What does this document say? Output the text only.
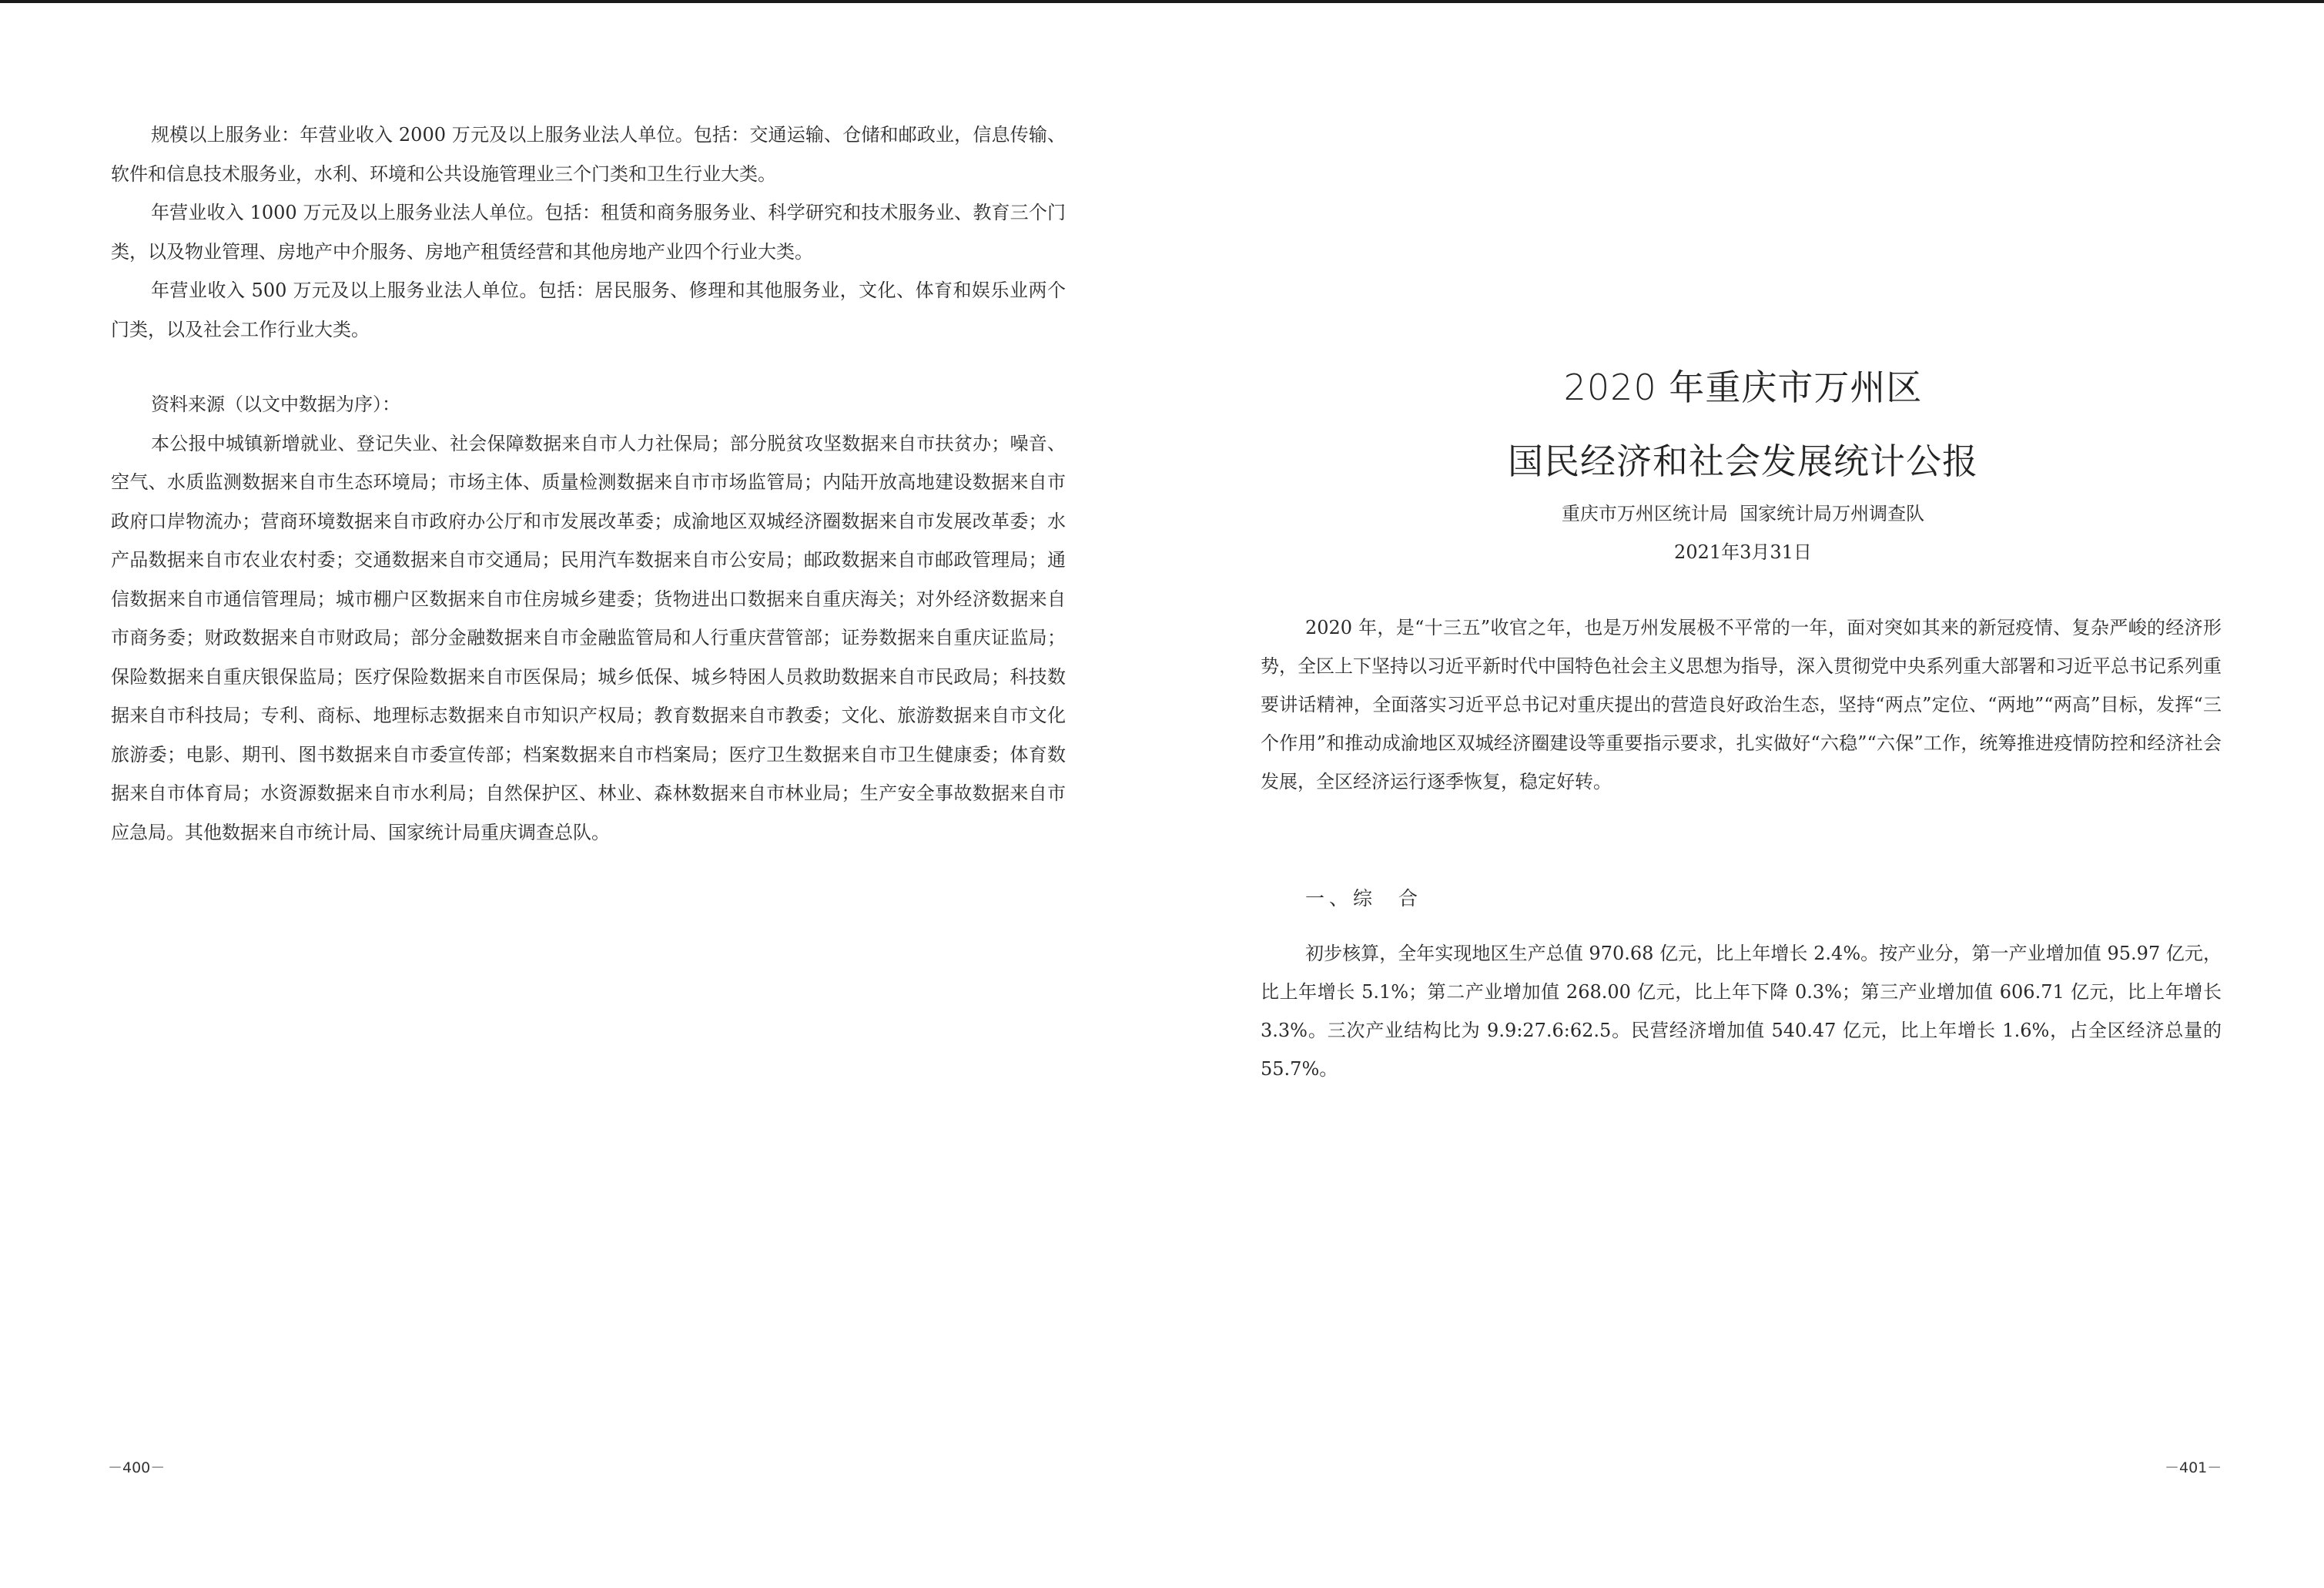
规模以上服务业：年营业收入 2000 万元及以上服务业法人单位。包括：交通运输、仓储和邮政业，信息传输、软件和信息技术服务业，水利、环境和公共设施管理业三个门类和卫生行业大类。

年营业收入 1000 万元及以上服务业法人单位。包括：租赁和商务服务业、科学研究和技术服务业、教育三个门类，以及物业管理、房地产中介服务、房地产租赁经营和其他房地产业四个行业大类。

年营业收入 500 万元及以上服务业法人单位。包括：居民服务、修理和其他服务业，文化、体育和娱乐业两个门类，以及社会工作行业大类。

资料来源（以文中数据为序）：

本公报中城镇新增就业、登记失业、社会保障数据来自市人力社保局；部分脱贫攻坚数据来自市扶贫办；噪音、空气、水质监测数据来自市生态环境局；市场主体、质量检测数据来自市市场监管局；内陆开放高地建设数据来自市政府口岸物流办；营商环境数据来自市政府办公厅和市发展改革委；成渝地区双城经济圈数据来自市发展改革委；水产品数据来自市农业农村委；交通数据来自市交通局；民用汽车数据来自市公安局；邮政数据来自市邮政管理局；通信数据来自市通信管理局；城市棚户区数据来自市住房城乡建委；货物进出口数据来自重庆海关；对外经济数据来自市商务委；财政数据来自市财政局；部分金融数据来自市金融监管局和人行重庆营管部；证券数据来自重庆证监局；保险数据来自重庆银保监局；医疗保险数据来自市医保局；城乡低保、城乡特困人员救助数据来自市民政局；科技数据来自市科技局；专利、商标、地理标志数据来自市知识产权局；教育数据来自市教委；文化、旅游数据来自市文化旅游委；电影、期刊、图书数据来自市委宣传部；档案数据来自市档案局；医疗卫生数据来自市卫生健康委；体育数据来自市体育局；水资源数据来自市水利局；自然保护区、林业、森林数据来自市林业局；生产安全事故数据来自市应急局。其他数据来自市统计局、国家统计局重庆调查总队。

－400－
2020 年重庆市万州区
国民经济和社会发展统计公报
重庆市万州区统计局  国家统计局万州调查队
2021年3月31日

2020 年，是“十三五”收官之年，也是万州发展极不平常的一年，面对突如其来的新冠疫情、复杂严峻的经济形势，全区上下坚持以习近平新时代中国特色社会主义思想为指导，深入贯彻党中央系列重大部署和习近平总书记系列重要讲话精神，全面落实习近平总书记对重庆提出的营造良好政治生态，坚持“两点”定位、“两地”“两高”目标，发挥“三个作用”和推动成渝地区双城经济圈建设等重要指示要求，扎实做好“六稳”“六保”工作，统筹推进疫情防控和经济社会发展，全区经济运行逐季恢复，稳定好转。

一、综  合

初步核算，全年实现地区生产总值 970.68 亿元，比上年增长 2.4%。按产业分，第一产业增加值 95.97 亿元，比上年增长 5.1%；第二产业增加值 268.00 亿元，比上年下降 0.3%；第三产业增加值 606.71 亿元，比上年增长 3.3%。三次产业结构比为 9.9:27.6:62.5。民营经济增加值 540.47 亿元，比上年增长 1.6%，占全区经济总量的 55.7%。

－401－
